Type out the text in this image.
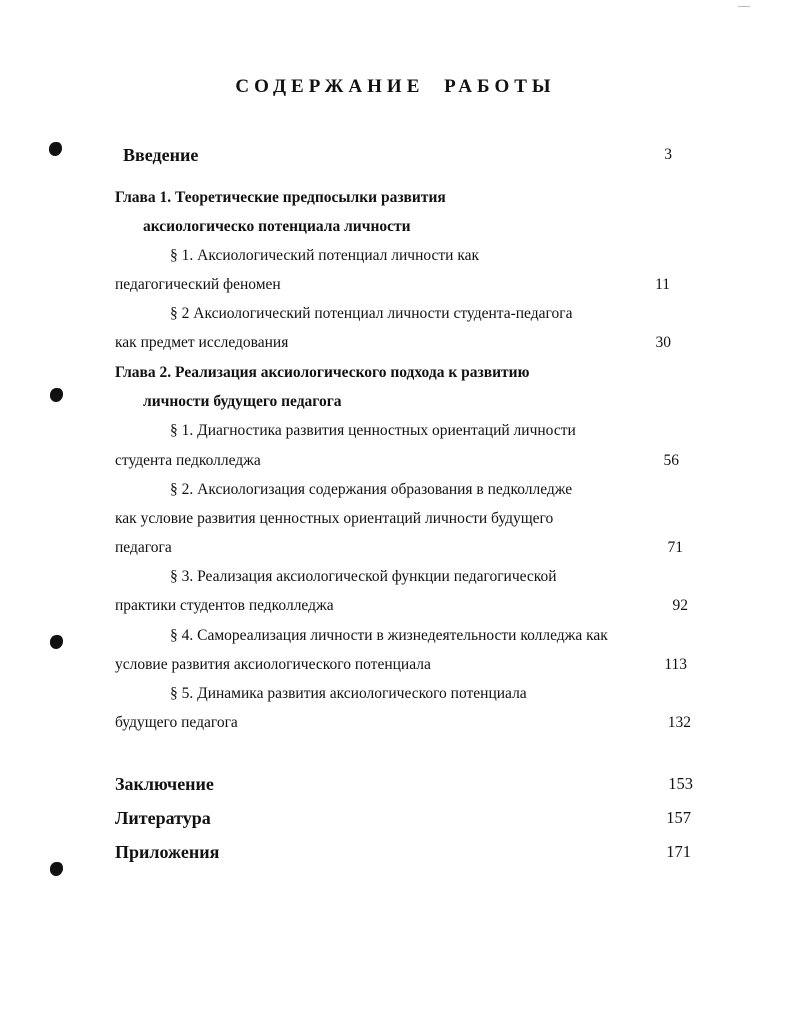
СОДЕРЖАНИЕ РАБОТЫ
Введение	3
Глава 1. Теоретические предпосылки развития
аксиологическо потенциала личности
§ 1. Аксиологический потенциал личности как
педагогический феномен	11
§ 2 Аксиологический потенциал личности студента-педагога
как предмет исследования	30
Глава 2. Реализация аксиологического подхода к развитию
личности будущего педагога
§ 1. Диагностика развития ценностных ориентаций личности
студента педколледжа	56
§ 2. Аксиологизация содержания образования в педколледже
как условие развития ценностных ориентаций личности будущего
педагога	71
§ 3. Реализация аксиологической функции педагогической
практики студентов педколледжа	92
§ 4. Самореализация личности в жизнедеятельности колледжа как
условие развития аксиологического потенциала	113
§ 5. Динамика развития аксиологического потенциала
будущего педагога	132
Заключение	153
Литература	157
Приложения	171
